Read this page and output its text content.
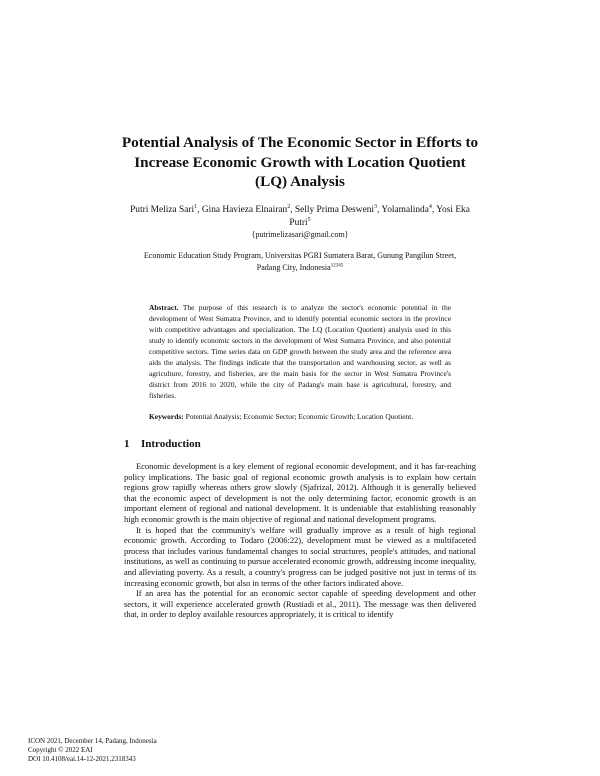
Potential Analysis of The Economic Sector in Efforts to
Increase Economic Growth with Location Quotient
(LQ) Analysis
Putri Meliza Sari$^1$, Gina Havieza Elnairan$^2$, Selly Prima Desweni$^3$, Yolamalinda$^4$, Yosi Eka
Putri$^5$
{putrimelizasari@gmail.com}
Economic Education Study Program, Universitas PGRI Sumatera Barat, Gunung Pangilun Street,
Padang City, Indonesia$^{12345}$

Abstract. The purpose of this research is to analyze the sector's economic potential in the development of West Sumatra Province, and to identify potential economic sectors in the province with competitive advantages and specialization. The LQ (Location Quotient) analysis used in this study to identify economic sectors in the development of West Sumatra Province, and also potential competitive sectors. Time series data on GDP growth between the study area and the reference area aids the analysis. The findings indicate that the transportation and warehousing sector, as well as agriculture, forestry, and fisheries, are the main basis for the sector in West Sumatra Province's district from 2016 to 2020, while the city of Padang's main base is agricultural, forestry, and fisheries.

Keywords: Potential Analysis; Economic Sector; Economic Growth; Location Quotient.

1 Introduction

Economic development is a key element of regional economic development, and it has far-reaching policy implications. The basic goal of regional economic growth analysis is to explain how certain regions grow rapidly whereas others grow slowly (Sjafrizal, 2012). Although it is generally believed that the economic aspect of development is not the only determining factor, economic growth is an important element of regional and national development. It is undeniable that establishing reasonably high economic growth is the main objective of regional and national development programs.

It is hoped that the community's welfare will gradually improve as a result of high regional economic growth. According to Todaro (2006:22), development must be viewed as a multifaceted process that includes various fundamental changes to social structures, people's attitudes, and national institutions, as well as continuing to pursue accelerated economic growth, addressing income inequality, and alleviating poverty. As a result, a country's progress can be judged positive not just in terms of its increasing economic growth, but also in terms of the other factors indicated above.

If an area has the potential for an economic sector capable of speeding development and other sectors, it will experience accelerated growth (Rustiadi et al., 2011). The message was then delivered that, in order to deploy available resources appropriately, it is critical to identify

ICON 2021, December 14, Padang, Indonesia
Copyright © 2022 EAI
DOI 10.4108/eai.14-12-2021.2318343
